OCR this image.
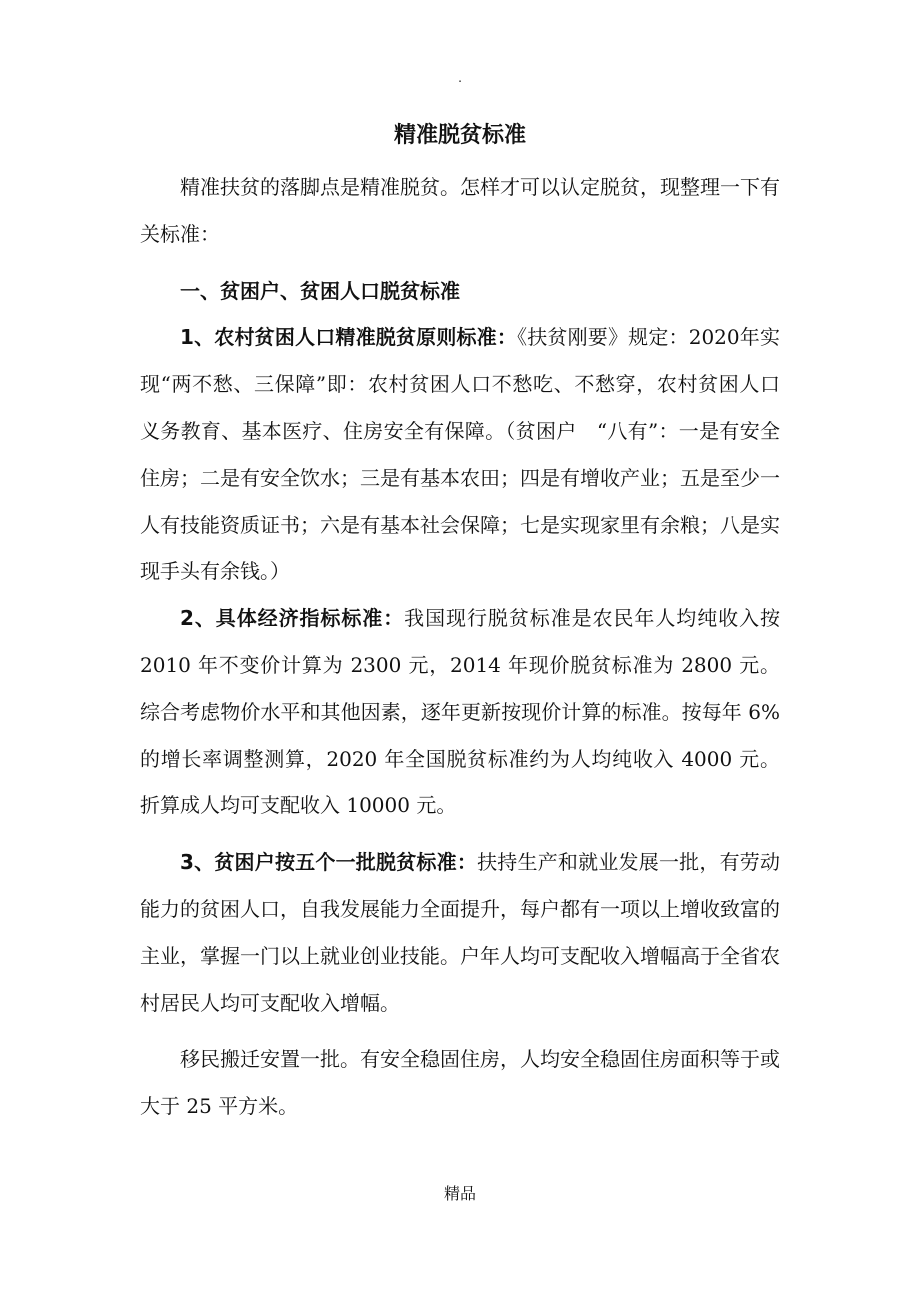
.
精准脱贫标准

精准扶贫的落脚点是精准脱贫。怎样才可以认定脱贫，现整理一下有关标准：

一、贫困户、贫困人口脱贫标准

1、农村贫困人口精准脱贫原则标准：《扶贫刚要》规定：2020年实现“两不愁、三保障”即：农村贫困人口不愁吃、不愁穿，农村贫困人口义务教育、基本医疗、住房安全有保障。（贫困户　“八有”：一是有安全住房；二是有安全饮水；三是有基本农田；四是有增收产业；五是至少一人有技能资质证书；六是有基本社会保障；七是实现家里有余粮；八是实现手头有余钱。）

2、具体经济指标标准：我国现行脱贫标准是农民年人均纯收入按2010 年不变价计算为 2300 元，2014 年现价脱贫标准为 2800 元。综合考虑物价水平和其他因素，逐年更新按现价计算的标准。按每年 6%的增长率调整测算，2020 年全国脱贫标准约为人均纯收入 4000 元。折算成人均可支配收入 10000 元。

3、贫困户按五个一批脱贫标准：扶持生产和就业发展一批，有劳动能力的贫困人口，自我发展能力全面提升，每户都有一项以上增收致富的主业，掌握一门以上就业创业技能。户年人均可支配收入增幅高于全省农村居民人均可支配收入增幅。

移民搬迁安置一批。有安全稳固住房，人均安全稳固住房面积等于或大于 25 平方米。

精品
